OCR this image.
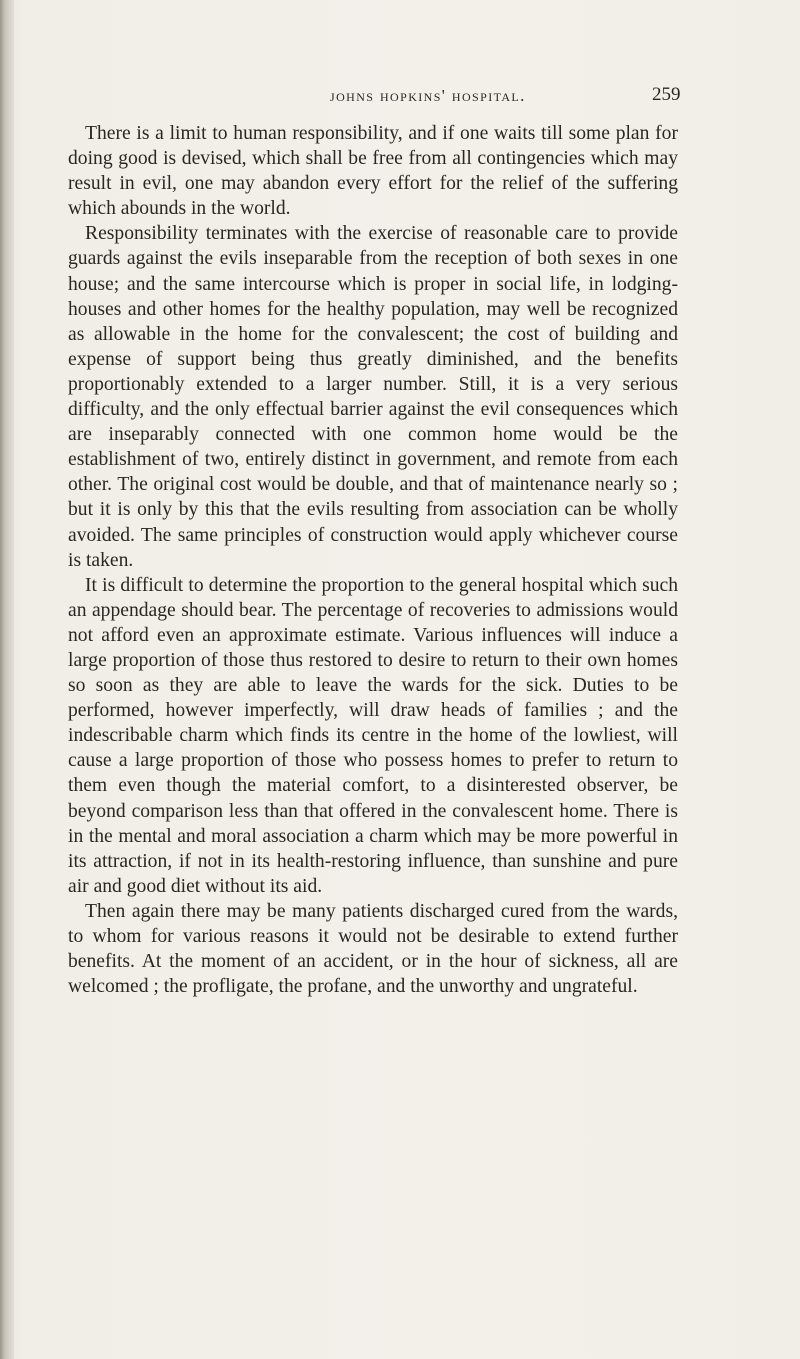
johns hopkins' hospital.	259

There is a limit to human responsibility, and if one waits till some plan for doing good is devised, which shall be free from all contingencies which may result in evil, one may abandon every effort for the relief of the suffering which abounds in the world.

Responsibility terminates with the exercise of reasonable care to provide guards against the evils inseparable from the reception of both sexes in one house; and the same intercourse which is proper in social life, in lodging-houses and other homes for the healthy population, may well be recognized as allowable in the home for the convalescent; the cost of building and expense of support being thus greatly diminished, and the benefits proportionably extended to a larger number. Still, it is a very serious difficulty, and the only effectual barrier against the evil consequences which are inseparably connected with one common home would be the establishment of two, entirely distinct in government, and remote from each other. The original cost would be double, and that of maintenance nearly so ; but it is only by this that the evils resulting from association can be wholly avoided. The same principles of construction would apply whichever course is taken.

It is difficult to determine the proportion to the general hospital which such an appendage should bear. The percentage of recoveries to admissions would not afford even an approximate estimate. Various influences will induce a large proportion of those thus restored to desire to return to their own homes so soon as they are able to leave the wards for the sick. Duties to be performed, however imperfectly, will draw heads of families ; and the indescribable charm which finds its centre in the home of the lowliest, will cause a large proportion of those who possess homes to prefer to return to them even though the material comfort, to a disinterested observer, be beyond comparison less than that offered in the convalescent home. There is in the mental and moral association a charm which may be more powerful in its attraction, if not in its health-restoring influence, than sunshine and pure air and good diet without its aid.

Then again there may be many patients discharged cured from the wards, to whom for various reasons it would not be desirable to extend further benefits. At the moment of an accident, or in the hour of sickness, all are welcomed ; the profligate, the profane, and the unworthy and ungrateful.
